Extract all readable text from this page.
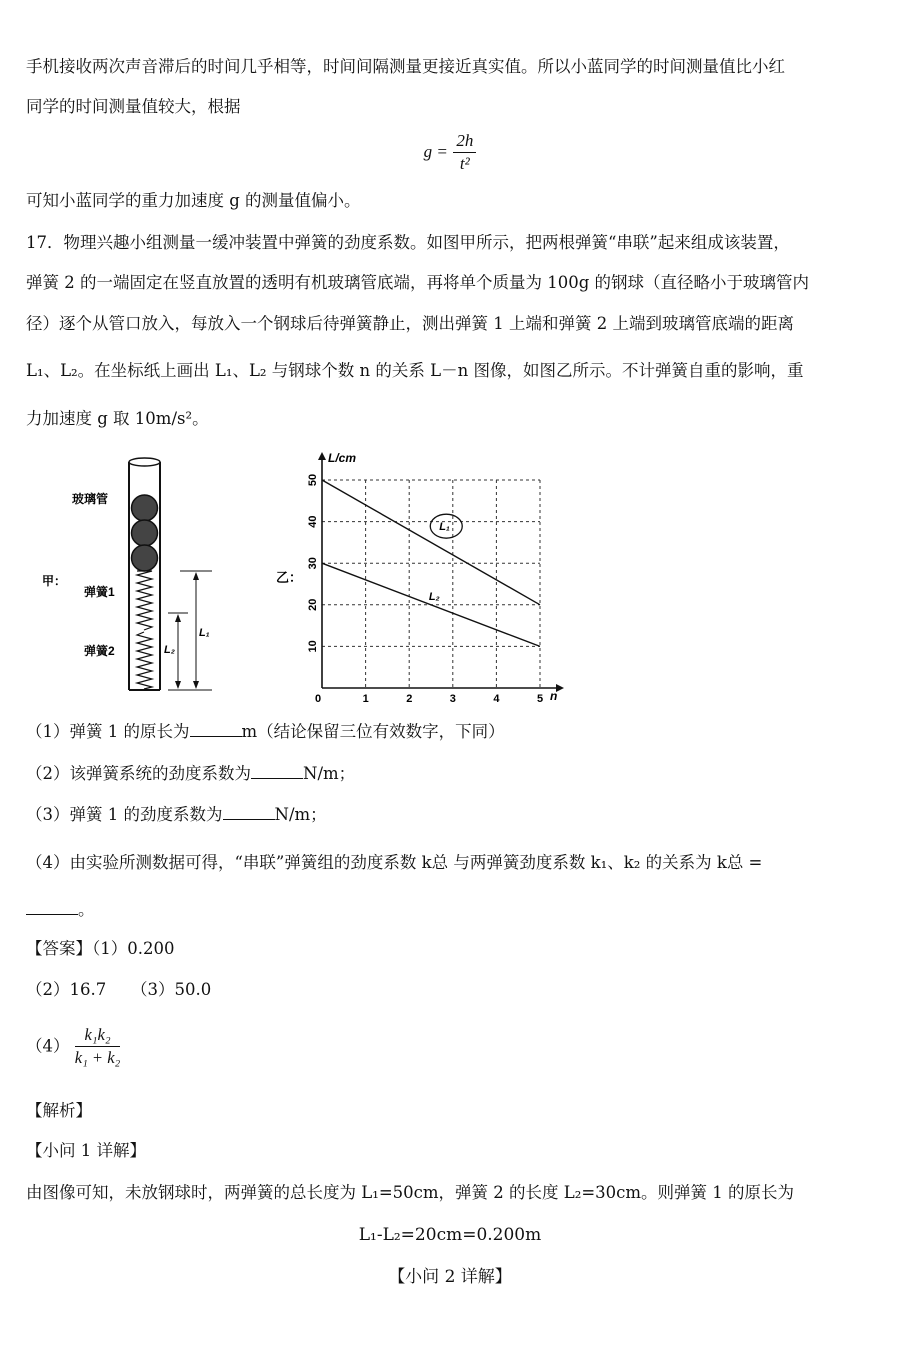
手机接收两次声音滞后的时间几乎相等，时间间隔测量更接近真实值。所以小蓝同学的时间测量值比小红
同学的时间测量值较大，根据
$g = \frac{2h}{\text{t²}}$
可知小蓝同学的重力加速度 g 的测量值偏小。
17．物理兴趣小组测量一缓冲装置中弹簧的劲度系数。如图甲所示，把两根弹簧“串联”起来组成该装置，
弹簧 2 的一端固定在竖直放置的透明有机玻璃管底端，再将单个质量为 100g 的钢球（直径略小于玻璃管内
径）逐个从管口放入，每放入一个钢球后待弹簧静止，测出弹簧 1 上端和弹簧 2 上端到玻璃管底端的距离
L₁、L₂。在坐标纸上画出 L₁、L₂ 与钢球个数 n 的关系 L－n 图像，如图乙所示。不计弹簧自重的影响，重
力加速度 g 取 10m/s²。
甲：
玻璃管
弹簧1
弹簧2
L₁
L₂
乙：
L/cm
n
L₁
L₂
0	1	2	3	4	5
10
20
30
40
50
（1）弹簧 1 的原长为	m（结论保留三位有效数字，下同）
（2）该弹簧系统的劲度系数为	N/m；
（3）弹簧 1 的劲度系数为	N/m；
（4）由实验所测数据可得，“串联”弹簧组的劲度系数 k总 与两弹簧劲度系数 k₁、k₂ 的关系为 k总 =
。
【答案】（1）0.200
（2）16.7　　（3）50.0
$(4) \frac{\text{k₁k₂}}{\text{k₁ + k₂}}$
【解析】
【小问 1 详解】
由图像可知，未放钢球时，两弹簧的总长度为 L₁=50cm，弹簧 2 的长度 L₂=30cm。则弹簧 1 的原长为
L₁-L₂=20cm=0.200m
【小问 2 详解】
